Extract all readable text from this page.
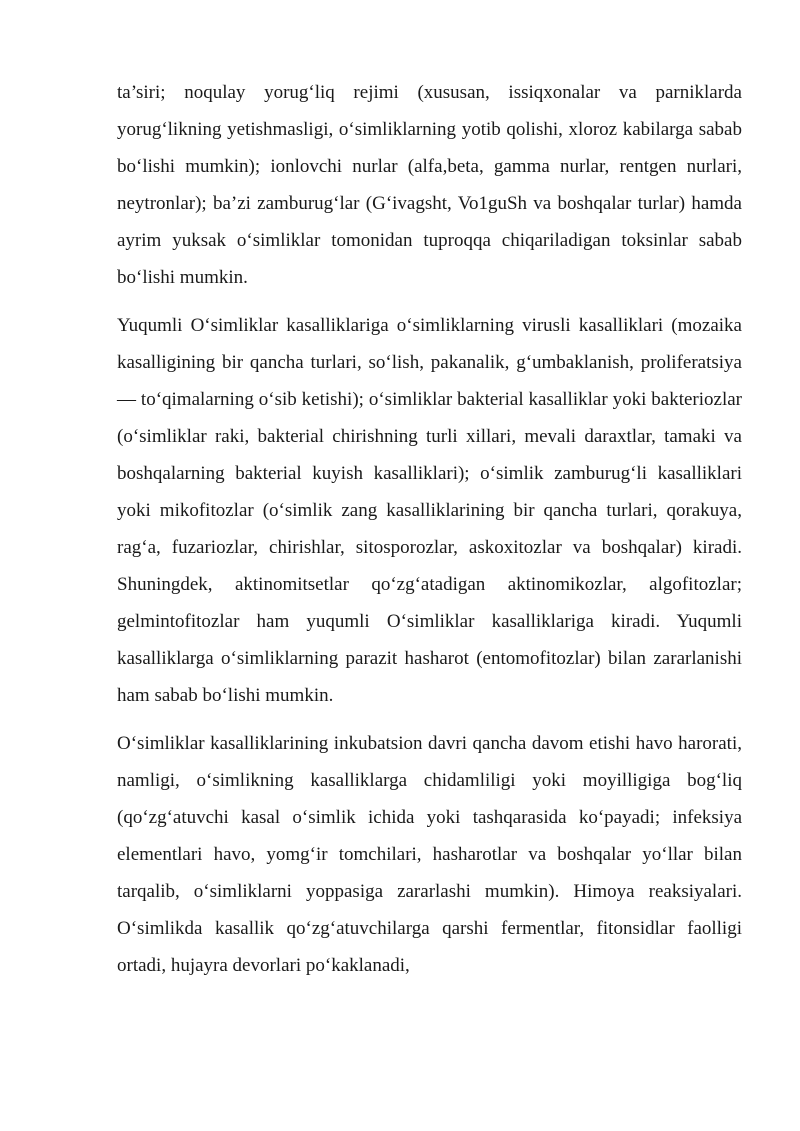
ta’siri; noqulay yorug‘liq rejimi (xususan, issiqxonalar va parniklarda yorug‘likning yetishmasligi, o‘simliklarning yotib qolishi, xloroz kabilarga sabab bo‘lishi mumkin); ionlovchi nurlar (alfa,beta, gamma nurlar, rentgen nurlari, neytronlar); ba’zi zamburug‘lar (G‘ivagsht, Vo1guSh va boshqalar turlar) hamda ayrim yuksak o‘simliklar tomonidan tuproqqa chiqariladigan toksinlar sabab bo‘lishi mumkin.

Yuqumli O‘simliklar kasalliklariga o‘simliklarning virusli kasalliklari (mozaika kasalligining bir qancha turlari, so‘lish, pakanalik, g‘umbaklanish, proliferatsiya — to‘qimalarning o‘sib ketishi); o‘simliklar bakterial kasalliklar yoki bakteriozlar (o‘simliklar raki, bakterial chirishning turli xillari, mevali daraxtlar, tamaki va boshqalarning bakterial kuyish kasalliklari); o‘simlik zamburug‘li kasalliklari yoki mikofitozlar (o‘simlik zang kasalliklarining bir qancha turlari, qorakuya, rag‘a, fuzariozlar, chirishlar, sitosporozlar, askoxitozlar va boshqalar) kiradi. Shuningdek, aktinomitsetlar qo‘zg‘atadigan aktinomikozlar, algofitozlar; gelmintofitozlar ham yuqumli O‘simliklar kasalliklariga kiradi. Yuqumli kasalliklarga o‘simliklarning parazit hasharot (entomofitozlar) bilan zararlanishi ham sabab bo‘lishi mumkin.

O‘simliklar kasalliklarining inkubatsion davri qancha davom etishi havo harorati, namligi, o‘simlikning kasalliklarga chidamliligi yoki moyilligiga bog‘liq (qo‘zg‘atuvchi kasal o‘simlik ichida yoki tashqarasida ko‘payadi; infeksiya elementlari havo, yomg‘ir tomchilari, hasharotlar va boshqalar yo‘llar bilan tarqalib, o‘simliklarni yoppasiga zararlashi mumkin). Himoya reaksiyalari. O‘simlikda kasallik qo‘zg‘atuvchilarga qarshi fermentlar, fitonsidlar faolligi ortadi, hujayra devorlari po‘kaklanadi,
